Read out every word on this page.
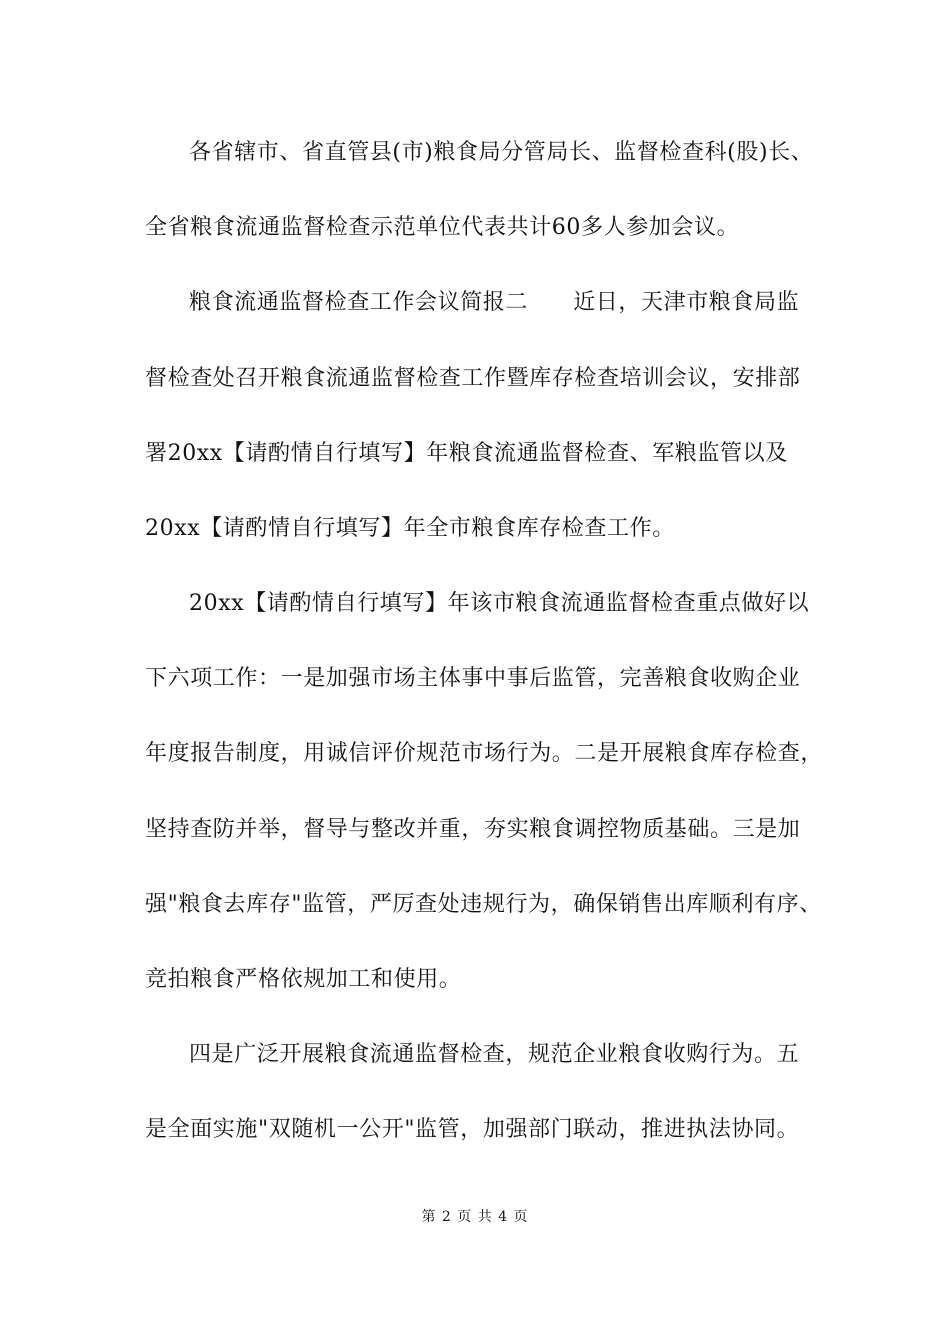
各省辖市、省直管县(市)粮食局分管局长、监督检查科(股)长、
全省粮食流通监督检查示范单位代表共计60多人参加会议。
粮食流通监督检查工作会议简报二　　近日，天津市粮食局监
督检查处召开粮食流通监督检查工作暨库存检查培训会议，安排部
署20xx【请酌情自行填写】年粮食流通监督检查、军粮监管以及
20xx【请酌情自行填写】年全市粮食库存检查工作。
20xx【请酌情自行填写】年该市粮食流通监督检查重点做好以
下六项工作：一是加强市场主体事中事后监管，完善粮食收购企业
年度报告制度，用诚信评价规范市场行为。二是开展粮食库存检查，
坚持查防并举，督导与整改并重，夯实粮食调控物质基础。三是加
强"粮食去库存"监管，严厉查处违规行为，确保销售出库顺利有序、
竞拍粮食严格依规加工和使用。
四是广泛开展粮食流通监督检查，规范企业粮食收购行为。五
是全面实施"双随机一公开"监管，加强部门联动，推进执法协同。
第 2 页 共 4 页
